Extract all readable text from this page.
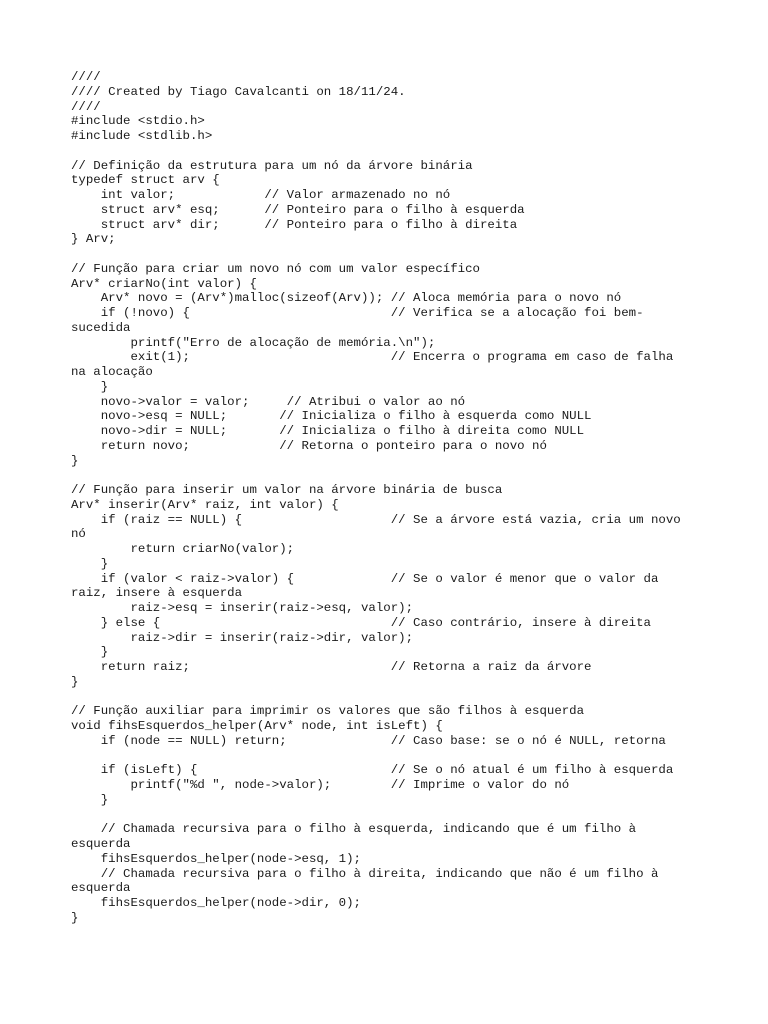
////
//// Created by Tiago Cavalcanti on 18/11/24.
////
#include <stdio.h>
#include <stdlib.h>
// Definição da estrutura para um nó da árvore binária
typedef struct arv {
int valor;            // Valor armazenado no nó
struct arv* esq;      // Ponteiro para o filho à esquerda
struct arv* dir;      // Ponteiro para o filho à direita
} Arv;
// Função para criar um novo nó com um valor específico
Arv* criarNo(int valor) {
Arv* novo = (Arv*)malloc(sizeof(Arv)); // Aloca memória para o novo nó
if (!novo) {                           // Verifica se a alocação foi bem-
sucedida
printf("Erro de alocação de memória.\n");
exit(1);                           // Encerra o programa em caso de falha
na alocação
}
novo->valor = valor;     // Atribui o valor ao nó
novo->esq = NULL;       // Inicializa o filho à esquerda como NULL
novo->dir = NULL;       // Inicializa o filho à direita como NULL
return novo;            // Retorna o ponteiro para o novo nó
}
// Função para inserir um valor na árvore binária de busca
Arv* inserir(Arv* raiz, int valor) {
if (raiz == NULL) {                    // Se a árvore está vazia, cria um novo
nó
return criarNo(valor);
}
if (valor < raiz->valor) {             // Se o valor é menor que o valor da
raiz, insere à esquerda
raiz->esq = inserir(raiz->esq, valor);
} else {                               // Caso contrário, insere à direita
raiz->dir = inserir(raiz->dir, valor);
}
return raiz;                           // Retorna a raiz da árvore
}
// Função auxiliar para imprimir os valores que são filhos à esquerda
void fihsEsquerdos_helper(Arv* node, int isLeft) {
if (node == NULL) return;              // Caso base: se o nó é NULL, retorna
if (isLeft) {                          // Se o nó atual é um filho à esquerda
printf("%d ", node->valor);        // Imprime o valor do nó
}
// Chamada recursiva para o filho à esquerda, indicando que é um filho à
esquerda
fihsEsquerdos_helper(node->esq, 1);
// Chamada recursiva para o filho à direita, indicando que não é um filho à
esquerda
fihsEsquerdos_helper(node->dir, 0);
}
